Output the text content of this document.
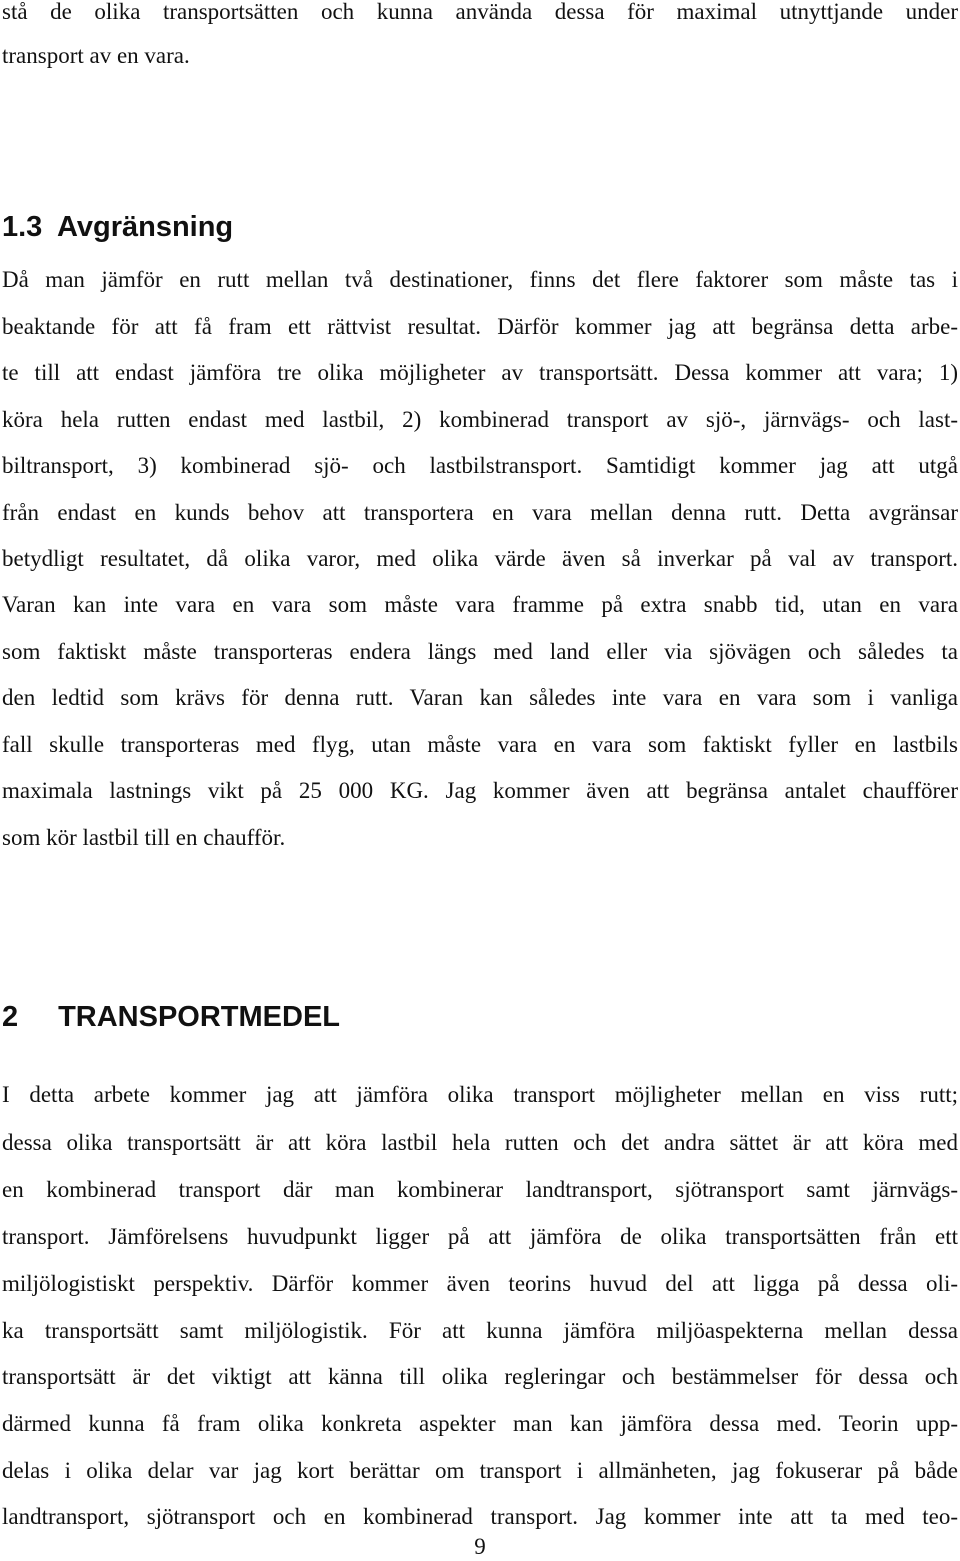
stå de olika transportsätten och kunna använda dessa för maximal utnyttjande under
transport av en vara.
1.3 Avgränsning
Då man jämför en rutt mellan två destinationer, finns det flere faktorer som måste tas i
beaktande för att få fram ett rättvist resultat. Därför kommer jag att begränsa detta arbe-
te till att endast jämföra tre olika möjligheter av transportsätt. Dessa kommer att vara; 1)
köra hela rutten endast med lastbil, 2) kombinerad transport av sjö-, järnvägs- och last-
biltransport, 3) kombinerad sjö- och lastbilstransport. Samtidigt kommer jag att utgå
från endast en kunds behov att transportera en vara mellan denna rutt. Detta avgränsar
betydligt resultatet, då olika varor, med olika värde även så inverkar på val av transport.
Varan kan inte vara en vara som måste vara framme på extra snabb tid, utan en vara
som faktiskt måste transporteras endera längs med land eller via sjövägen och således ta
den ledtid som krävs för denna rutt. Varan kan således inte vara en vara som i vanliga
fall skulle transporteras med flyg, utan måste vara en vara som faktiskt fyller en lastbils
maximala lastnings vikt på 25 000 KG. Jag kommer även att begränsa antalet chaufförer
som kör lastbil till en chaufför.
2 TRANSPORTMEDEL
I detta arbete kommer jag att jämföra olika transport möjligheter mellan en viss rutt;
dessa olika transportsätt är att köra lastbil hela rutten och det andra sättet är att köra med
en kombinerad transport där man kombinerar landtransport, sjötransport samt järnvägs-
transport. Jämförelsens huvudpunkt ligger på att jämföra de olika transportsätten från ett
miljölogistiskt perspektiv. Därför kommer även teorins huvud del att ligga på dessa oli-
ka transportsätt samt miljölogistik. För att kunna jämföra miljöaspekterna mellan dessa
transportsätt är det viktigt att känna till olika regleringar och bestämmelser för dessa och
därmed kunna få fram olika konkreta aspekter man kan jämföra dessa med. Teorin upp-
delas i olika delar var jag kort berättar om transport i allmänheten, jag fokuserar på både
landtransport, sjötransport och en kombinerad transport. Jag kommer inte att ta med teo-
9
